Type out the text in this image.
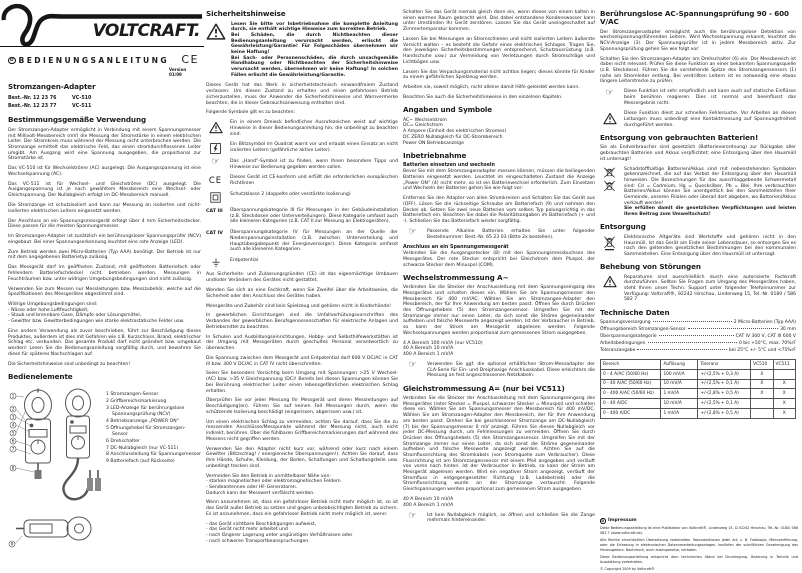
VOLTCRAFT.
D BEDIENUNGSANLEITUNG CE
Version 01/09
Stromzangen-Adapter
Best.-Nr. 12 23 76	VC-510
Best.-Nr. 12 23 77	VC-511
Bestimmungsgemäße Verwendung
Der Stromzangen-Adapter ermöglicht in Verbindung mit einem Spannungsmesser mit Millivolt-Messbereich (mV) die Messung der Stromstärke in einem elektrischen Leiter. Der Stromkreis muss während der Messung nicht unterbrochen werden. Die Stromzange ermittelt das elektrische Feld, das einen stromdurchflossenen Leiter umgibt. Am Ausgang wird eine Spannung ausgegeben, die proportional zur Stromstärke ist.
Das VC-510 ist für Wechselströme (AC) ausgelegt. Die Ausgangsspannung ist eine Wechselspannung (AC).
Das VC-511 ist für Wechsel- und Gleichströme (DC) ausgelegt. Die Ausgangsspannung ist je nach gewähltem Messbereich eine Wechsel- oder Gleichspannung. Der Nullabgleich erfolgt im DC-Messbereich manuell.
Die Stromzange ist schutzisoliert und kann zur Messung an isolierten und nicht-isolierten elektrischen Leitern eingesetzt werden.
Der Anschluss an ein Spannungsmessgerät erfolgt über 4 mm Sicherheitsstecker. Diese passen für die meisten Spannungsmesser.
Im Stromzangen-Adapter ist zusätzlich ein berührungsloser Spannungsprüfer (NCV) eingebaut. Bei einer Spannungserkennung leuchtet eine rote Anzeige (LED).
Zum Betrieb werden zwei Micro-Batterien (Typ AAA) benötigt. Der Betrieb ist nur mit dem angegebenen Batterietyp zulässig.
Das Messgerät darf im geöffneten Zustand, mit geöffnetem Batteriefach oder fehlendem Batteriefachdeckel nicht betrieben werden. Messungen in Feuchträumen bzw. unter widrigen Umgebungsbedingungen sind nicht zulässig.
Verwenden Sie zum Messen nur Messleitungen bzw. Messzubehör, welche auf die Spezifikationen des Messgerätes abgestimmt sind.
Widrige Umgebungsbedingungen sind:
- Nässe oder hohe Luftfeuchtigkeit,
- Staub und brennbare Gase, Dämpfe oder Lösungsmittel,
- Gewitter bzw. Gewitterbedingungen wie starke elektrostatische Felder usw.
Eine andere Verwendung als zuvor beschrieben, führt zur Beschädigung dieses Produktes, außerdem ist dies mit Gefahren wie z.B. Kurzschluss, Brand, elektrischer Schlag etc. verbunden. Das gesamte Produkt darf nicht geändert bzw. umgebaut werden! Lesen Sie die Bedienungsanleitung sorgfältig durch, und bewahren Sie diese für späteres Nachschlagen auf.
Die Sicherheitshinweise sind unbedingt zu beachten!
Bedienelemente
1
2
3
4
5
6
7
8
9
1 Stromzangen-Sensor
2 Griffbereichsmarkierung
3 LED-Anzeige für berührungslose Spannungsprüfung (NCV)
4 Betriebsanzeige „POWER ON“
5 Öffnungshebel für Stromzangen-Sensor
6 Drehschalter
7 DC-Nullabgleich (nur VC-511)
8 Anschlussleitung für Spannungsmesser
9 Batteriefach (auf Rückseite)
Sicherheitshinweise
Lesen Sie bitte vor Inbetriebnahme die komplette Anleitung durch, sie enthält wichtige Hinweise zum korrekten Betrieb.
Bei Schäden, die durch Nichtbeachten dieser Bedienungsanleitung verursacht werden, erlischt die Gewährleistung/Garantie! Für Folgeschäden übernehmen wir keine Haftung!
Bei Sach- oder Personenschäden, die durch unsachgemäße Handhabung oder Nichtbeachten der Sicherheitshinweise verursacht werden, übernehmen wir keine Haftung! In solchen Fällen erlischt die Gewährleistung/Garantie.
Dieses Gerät hat das Werk in sicherheitstechnisch einwandfreiem Zustand verlassen. Um diesen Zustand zu erhalten und einen gefahrlosen Betrieb sicherzustellen, muss der Anwender die Sicherheitshinweise und Warnvermerke beachten, die in dieser Gebrauchsanweisung enthalten sind.
Folgende Symbole gilt es zu beachten:
Ein in einem Dreieck befindliches Ausrufezeichen weist auf wichtige Hinweise in dieser Bedienungsanleitung hin, die unbedingt zu beachten sind.
Ein Blitzsymbol im Quadrat warnt vor und erlaubt einen Einsatz an nicht isolierten Leitern (gefährliche aktive Leiter).
☞	Das „Hand“-Symbol ist zu finden, wenn Ihnen besondere Tipps und Hinweise zur Bedienung gegeben werden sollen.
CE	Dieses Gerät ist CE-konform und erfüllt die erforderlichen europäischen Richtlinien
Schutzklasse 2 (doppelte oder verstärkte Isolierung)
CAT III	Überspannungskategorie III für Messungen in der Gebäudeinstallation (z.B. Steckdosen oder Unterverteilungen). Diese Kategorie umfasst auch alle kleineren Kategorien (z.B. CAT II zur Messung an Elektrogeräten).
CAT IV	Überspannungskategorie IV für Messungen an der Quelle der Niederspannungsinstallation (z.B. zwischen Unterverteilung und Hauptübergabepunkt der Energieversorger). Diese Kategorie umfasst auch alle kleineren Kategorien.
Erdpotential
Aus Sicherheits- und Zulassungsgründen (CE) ist das eigenmächtige Umbauen und/oder Verändern des Gerätes nicht gestattet.
Wenden Sie sich an eine Fachkraft, wenn Sie Zweifel über die Arbeitsweise, die Sicherheit oder den Anschluss des Gerätes haben.
Messgeräte und Zubehör sind kein Spielzeug und gehören nicht in Kinderhände!
In gewerblichen Einrichtungen sind die Unfallverhütungsvorschriften des Verbandes der gewerblichen Berufsgenossenschaften für elektrische Anlagen und Betriebsmittel zu beachten.
In Schulen und Ausbildungseinrichtungen, Hobby- und Selbsthilfewerkstätten ist der Umgang mit Messgeräten durch geschultes Personal verantwortlich zu überwachen.
Die Spannung zwischen dem Messgerät und Erdpotential darf 600 V DC/AC in CAT III bzw. 300 V DC/AC in CAT IV nicht überschreiten.
Seien Sie besonders Vorsichtig beim Umgang mit Spannungen >25 V Wechsel- (AC) bzw. >35 V Gleichspannung (DC)! Bereits bei diesen Spannungen können Sie bei Berührung elektrischer Leiter einen lebensgefährlichen elektrischen Schlag erhalten.
Überprüfen Sie vor jeder Messung Ihr Messgerät und deren Messleitungen auf Beschädigung(en). Führen Sie auf keinen Fall Messungen durch, wenn die schützende Isolierung beschädigt (eingerissen, abgerissen usw.) ist.
Um einen elektrischen Schlag zu vermeiden, achten Sie darauf, dass Sie die zu messenden Anschlüsse/Messpunkte während der Messung nicht, auch nicht indirekt, berühren. Über die fühlbaren Griffbereichsmarkierungen darf während des Messens nicht gegriffen werden.
Verwenden Sie den Adapter nicht kurz vor, während oder kurz nach einem Gewitter (Blitzschlag! / energiereiche Überspannungen!). Achten Sie darauf, dass Ihre Hände, Schuhe, Kleidung, der Boden, Schaltungen und Schaltungsteile usw. unbedingt trocken sind.
Vermeiden Sie den Betrieb in unmittelbarer Nähe von:
- starken magnetischen oder elektromagnetischen Feldern
- Sendeantennen oder HF-Generatoren.
Dadurch kann der Messwert verfälscht werden.
Wenn anzunehmen ist, dass ein gefahrloser Betrieb nicht mehr möglich ist, so ist das Gerät außer Betrieb zu setzen und gegen unbeabsichtigten Betrieb zu sichern. Es ist anzunehmen, dass ein gefahrloser Betrieb nicht mehr möglich ist, wenn:
- das Gerät sichtbare Beschädigungen aufweist,
- das Gerät nicht mehr arbeitet und
- nach längerer Lagerung unter ungünstigen Verhältnissen oder
- nach schweren Transportbeanspruchungen.
Schalten Sie das Gerät niemals gleich dann ein, wenn dieses von einem kalten in einen warmen Raum gebracht wird. Das dabei entstandene Kondenswasser kann unter Umständen Ihr Gerät zerstören. Lassen Sie das Gerät uneingeschaltet auf Zimmertemperatur kommen.
Lassen Sie bei Messungen an Stromschienen und nicht isolierten Leitern äußerste Vorsicht walten – es besteht die Gefahr eines elektrischen Schlages. Tragen Sie, den jeweiligen Sicherheitsbestimmungen entsprechend, Schutzausrüstung (z.B. Handschuhe usw.) zur Vermeidung von Verletzungen durch Stromschläge und Lichtbögen usw.
Lassen Sie das Verpackungsmaterial nicht achtlos liegen; dieses könnte für Kinder zu einem gefährlichen Spielzeug werden.
Arbeiten sie, soweit möglich, nicht alleine damit Hilfe geleistet werden kann.
Beachten Sie auch die Sicherheitshinweise in den einzelnen Kapiteln.
Angaben und Symbole
AC~ Wechselstrom
DC= Gleichstrom
A Ampere (Einheit des elektrischen Stromes)
DC ZERO Nullabgleich für DC-Strombereich
Power ON Betriebsanzeige
Inbetriebnahme
Batterien einsetzen und wechseln
Bevor Sie mit dem Stromzangenadapter messen können, müssen die beiliegenden Batterien eingesetzt werden. Leuchtet im eingeschalteten Zustand die Anzeige „Power ON“ (4) nicht mehr, so ist ein Batteriewechsel erforderlich. Zum Einsetzen und Wechseln der Batterien gehen Sie wie folgt vor:
Entfernen Sie den Adapter von allen Stromkreisen und Schalten Sie das Gerät aus (OFF). Lösen Sie die rückseitige Schraube am Batteriefach (9) und nehmen den Deckel ab. Setzen Sie zwei neue Batterien vom selben Typ polungsrichtig in das Batteriefach ein. Beachten Sie dabei die Polaritätsangaben im Batteriefach (+ und -). Schließen Sie das Batteriefach wieder sorgfältig.
☞	Passende Alkaline Batterien erhalten Sie unter folgender Bestellnummer: Best.-Nr. 65 23 03 (Bitte 2x bestellen).
Anschluss an ein Spannungsmessgerät
Verbinden Sie die Ausgangsstecker (8) mit den Spannungsmessbuchsen des Messgerätes. Der rote Stecker entspricht bei Gleichstrom dem Pluspol, der schwarze Stecker dem Minuspol (COM).
Wechselstrommessung A~
Verbinden Sie die Stecker der Anschlussleitung mit dem Spannungseingang des Messgerätes und schalten dieses ein. Wählen Sie am Spannungsmesser den Messbereich für 400 mV/AC. Wählen Sie am Stromzangen-Adapter den Messbereich, der für Ihre Anwendung am besten passt. Öffnen Sie durch Drücken des Öffnungshebels (5) den Stromzangensensor. Umgreifen Sie mit der Stromzange immer nur einen Leiter, da sich sonst die Ströme gegeneinander aufheben und falsche Messwerte angezeigt werden. Ist der Verbraucher in Betrieb, so kann der Strom am Messgerät abgelesen werden. Folgende Wechselspannungen werden proportional zum gemessenen Strom ausgegeben.
4 A Bereich 100 mV/A (nur VC510)
40 A Bereich 10 mV/A
400 A Bereich 1 mV/A
☞	Verwenden Sie ggf. die optional erhältlichen Strom-Messadapter der CLA-Serie für Ein- und Dreiphasige Anschlusskabel. Diese erleichtern die Messung an fest angeschlossenen Netzkabeln.
Gleichstrommessung A= (nur bei VC511)
Verbinden Sie die Stecker der Anschlussleitung mit dem Spannungseingang des Messgerätes (roter Stecker = Pluspol, schwarzer Stecker = Minuspol) und schalten diese ein. Wählen Sie am Spannungsmesser den Messbereich für 400 mV/DC. Wählen Sie am Stromzangen-Adapter den Messbereich, der für Ihre Anwendung am besten passt. Drehen Sie bei geschlossener Stromzange am DC-Nullabgleich (7) bis der Spannungsmesser 0 mV anzeigt. Führen Sie diesen Nullabgleich vor jeder DC-Messung durch, um Fehlmessungen zu vermeiden. Öffnen Sie durch Drücken des Öffnungshebels (5) den Stromzangensensor. Umgreifen Sie mit der Stromzange immer nur einen Leiter, da sich sonst die Ströme gegeneinander aufheben und falsche Messwerte angezeigt werden. Achten Sie auf die Stromflussrichtung des Stromkabels (von Stromquelle zum Verbraucher). Diese Flussrichtung ist am Stromzangensensor mit einem Pfeil angegeben und verläuft von vorne nach hinten. Ist der Verbraucher in Betrieb, so kann der Strom am Messgerät abgelesen werden. Wird ein negativer Strom angezeigt, verläuft der Stromfluss in entgegengesetzter Richtung (z.B. Ladebetrieb) oder die Stromflussrichtung wurde an der Stromzange vertauscht. Folgende Gleichspannungen werden proportional zum gemessenen Strom ausgegeben.
40 A Bereich 10 mV/A
400 A Bereich 1 mV/A
☞	Ist kein Nullabgleich möglich, so öffnen und schließen Sie die Zange mehrmals hintereinander.
Berührungslose AC-Spannungsprüfung 90 - 600 V/AC
Der Stromzangenadapter ermöglicht auch die berührungslose Detektion von wechselspannungsführenden Leitern. Wird Wechselspannung erkannt, leuchtet die NCV-Anzeige (3). Der Spannungsprüfer ist in jedem Messbereich aktiv. Zur Spannungsprüfung gehen Sie wie folgt vor:
Schalten Sie den Stromzangen-Adapter am Drehschalter (6) ein. Der Messbereich ist dabei nicht relevant. Prüfen Sie diese Funktion an einer bekannten Spannungsquelle (z.B. Steckdose). Führen Sie die vorstehende Spitze des Stromzangensensors (1) nahe am Stromleiter entlang. Bei verdrillten Leitern ist es notwendig eine etwas längere Leiterstrecke zu prüfen.
☞	Diese Funktion ist sehr empfindlich und kann auch auf statische Einflüsse beim berühren reagieren. Dies ist normal und beeinflusst das Messergebnis nicht.
Diese Funktion dient zur schnellen Fehlersuche. Vor Arbeiten an diesen Leitungen muss unbedingt eine Kontaktmessung auf Spannungsfreiheit durchgeführt werden.
Entsorgung von gebrauchten Batterien!
Sie als Endverbraucher sind gesetzlich (Batterieverordnung) zur Rückgabe aller gebrauchten Batterien und Akkus verpflichtet; eine Entsorgung über den Hausmüll ist untersagt!
Schadstoffhaltige Batterien/Akkus sind mit nebenstehenden Symbolen gekennzeichnet, die auf das Verbot der Entsorgung über den Hausmüll hinweisen. Die Bezeichnungen für das ausschlaggebende Schwermetall sind: Cd = Cadmium, Hg = Quecksilber, Pb = Blei. Ihre verbrauchten Batterien/Akkus können Sie unentgeltlich bei den Sammelstellen Ihrer Gemeinde, unseren Filialen oder überall dort abgeben, wo Batterien/Akkus verkauft werden!
Sie erfüllen damit die gesetzlichen Verpflichtungen und leisten Ihren Beitrag zum Umweltschutz!
Entsorgung
Elektronische Altgeräte sind Wertstoffe und gehören nicht in den Hausmüll. Ist das Gerät am Ende seiner Lebensdauer, so entsorgen Sie es nach den geltenden gesetzlichen Bestimmungen bei den kommunalen Sammelstellen. Eine Entsorgung über den Hausmüll ist untersagt.
Behebung von Störungen
Reparaturen sind ausschließlich durch eine autorisierte Fachkraft durchzuführen. Sollten Sie Fragen zum Umgang des Messgerätes haben, steht Ihnen unser Techn. Support unter folgender Telefonnummer zur Verfügung: Voltcraft®, 92242 Hirschau, Lindenweg 15, Tel.-Nr. 0180 / 586 582 7
Technische Daten
Spannungsversorgung	2 Micro-Batterien (Typ AAA)
Öffnungsbereich Stromzangen-Sensor	30 mm
Überspannungskategorie	CAT IV 300 V, CAT III 600 V
Arbeitsbedingungen	0 bis +50°C, max. 70%rF
Toleranzangabe	bei 25°C +/- 5°C und <75%rF
Bereich	Auflösung	Toleranz	VC510	VC511
0 - 4 A/AC (50/60 Hz)	100 mV/A	+/-(2,5% + 0,3 A)	X	
0 - 40 A/AC (50/60 Hz)	10 mV/A	+/-(2,5% + 0,1 A)	X	X
0 - 400 A/AC (50/60 Hz)	1 mV/A	+/-(2,8% + 0,5 A)	X	X
0 - 40 A/DC	10 mV/A	+/-(2,5% + 0,1 A)		X
0 - 400 A/DC	1 mV/A	+/-(2,8% + 0,5 A)		X
D Impressum
Diese Bedienungsanleitung ist eine Publikation von Voltcraft®, Lindenweg 15, D-92242 Hirschau, Tel.-Nr. 0180/ 586 582 7 (www.voltcraft.de).
Alle Rechte einschließlich Übersetzung vorbehalten. Reproduktionen jeder Art, z. B. Fotokopie, Mikroverfilmung, oder die Erfassung in elektronischen Datenverarbeitungsanlagen, bedürfen der schriftlichen Genehmigung des Herausgebers. Nachdruck, auch auszugsweise, verboten.
Diese Bedienungsanleitung entspricht dem technischen Stand bei Drucklegung. Änderung in Technik und Ausstattung vorbehalten.
© Copyright 2009 by Voltcraft®
